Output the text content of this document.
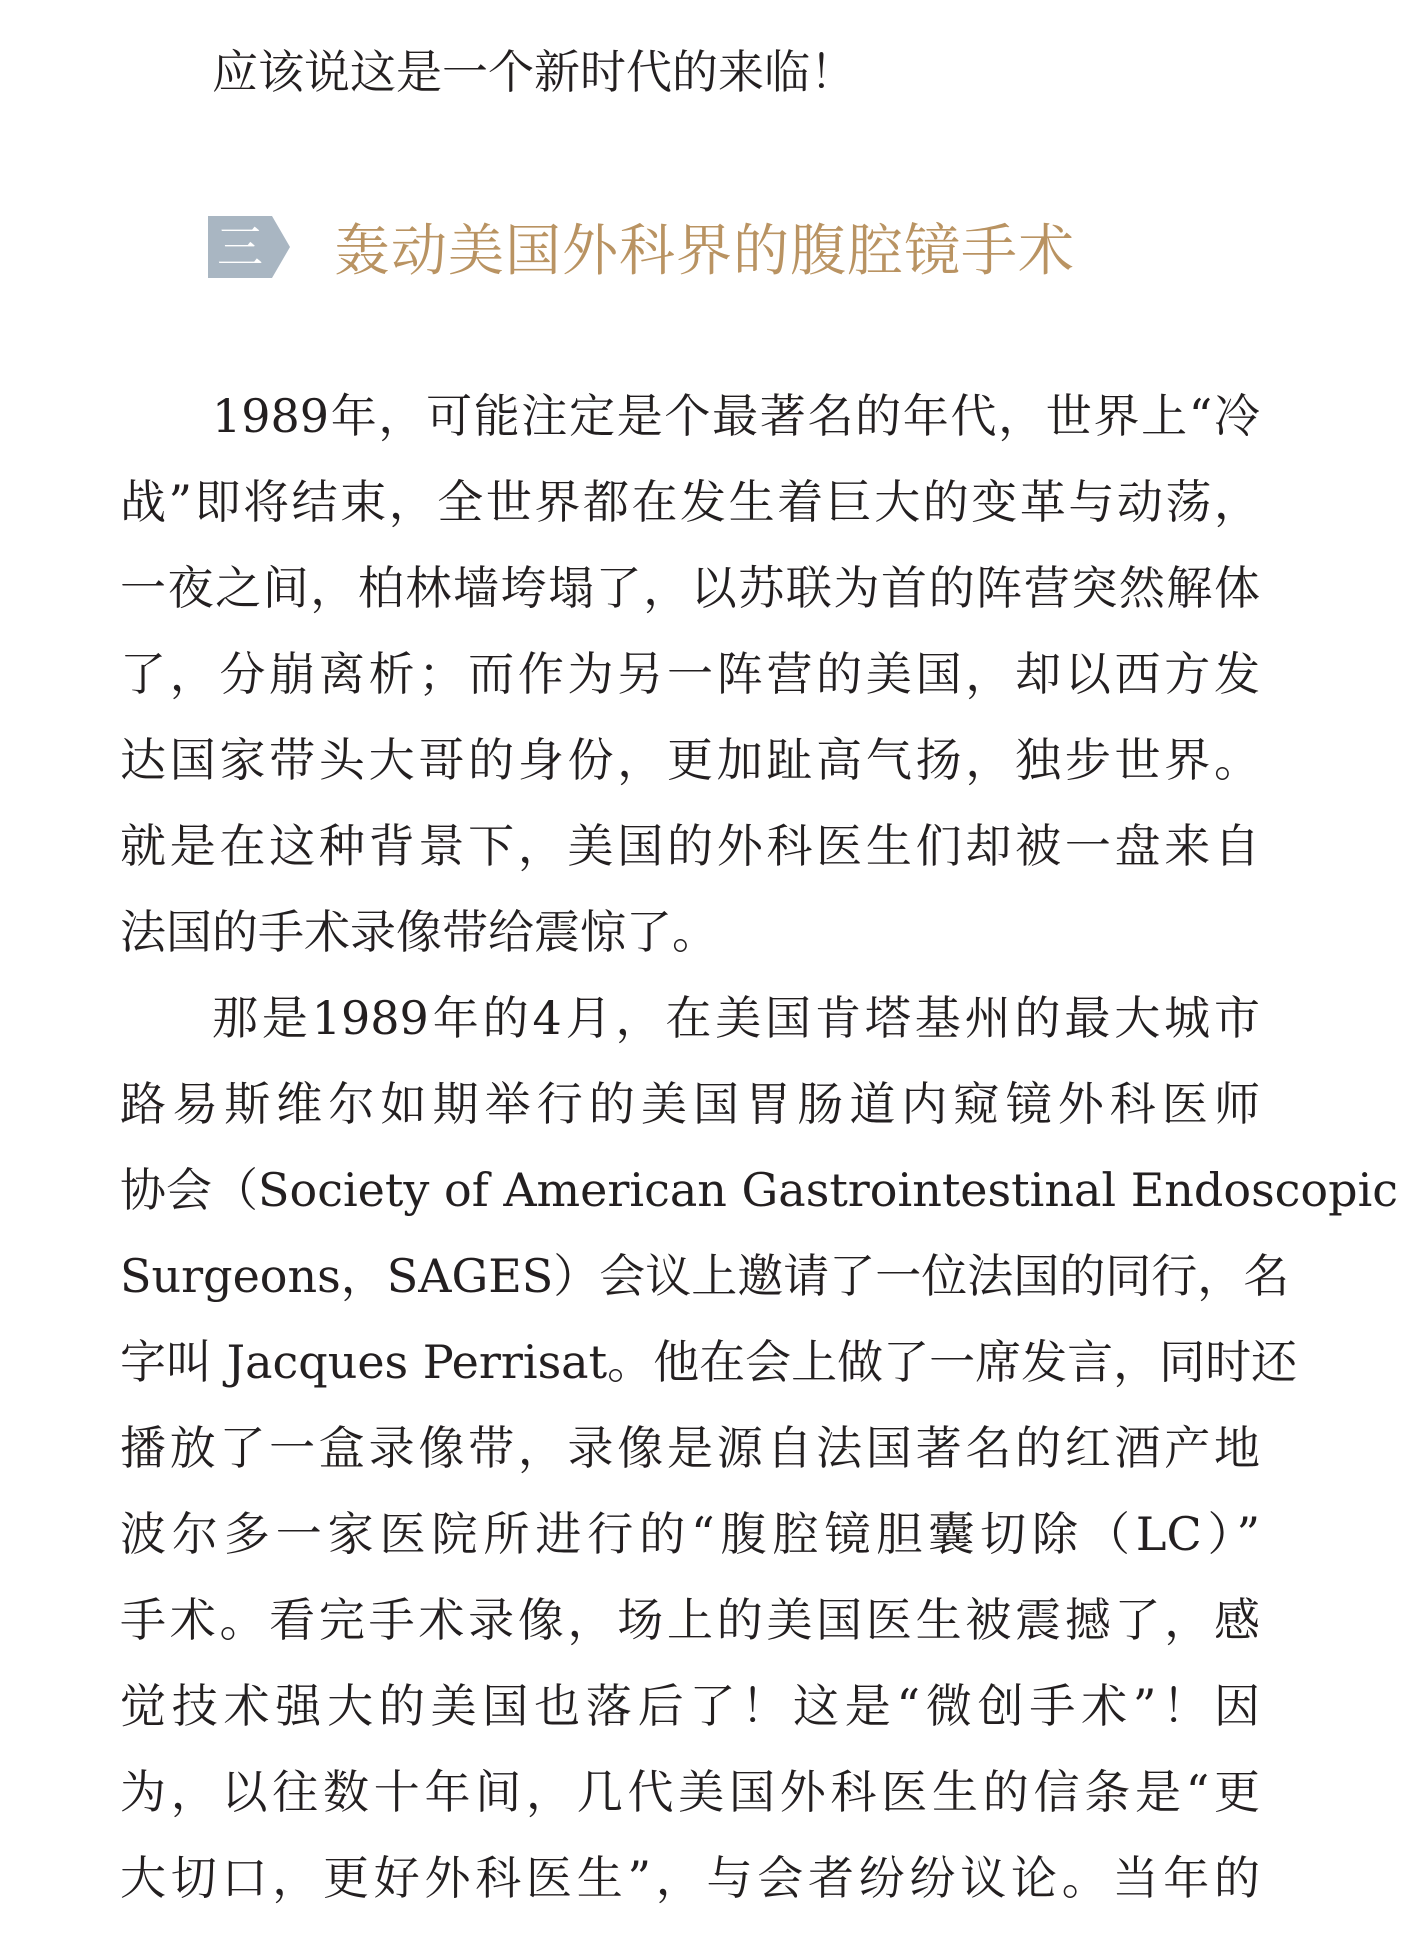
应该说这是一个新时代的来临！
三 轰动美国外科界的腹腔镜手术
1989年，可能注定是个最著名的年代，世界上“冷
战”即将结束，全世界都在发生着巨大的变革与动荡，
一夜之间，柏林墙垮塌了，以苏联为首的阵营突然解体
了，分崩离析；而作为另一阵营的美国，却以西方发
达国家带头大哥的身份，更加趾高气扬，独步世界。
就是在这种背景下，美国的外科医生们却被一盘来自
法国的手术录像带给震惊了。
那是1989年的4月，在美国肯塔基州的最大城市
路易斯维尔如期举行的美国胃肠道内窥镜外科医师
协会（Society of American Gastrointestinal Endoscopic
Surgeons，SAGES）会议上邀请了一位法国的同行，名
字叫 Jacques Perrisat。他在会上做了一席发言，同时还
播放了一盒录像带，录像是源自法国著名的红酒产地
波尔多一家医院所进行的“腹腔镜胆囊切除（LC）”
手术。看完手术录像，场上的美国医生被震撼了，感
觉技术强大的美国也落后了！这是“微创手术”！因
为，以往数十年间，几代美国外科医生的信条是“更
大切口，更好外科医生”，与会者纷纷议论。当年的
